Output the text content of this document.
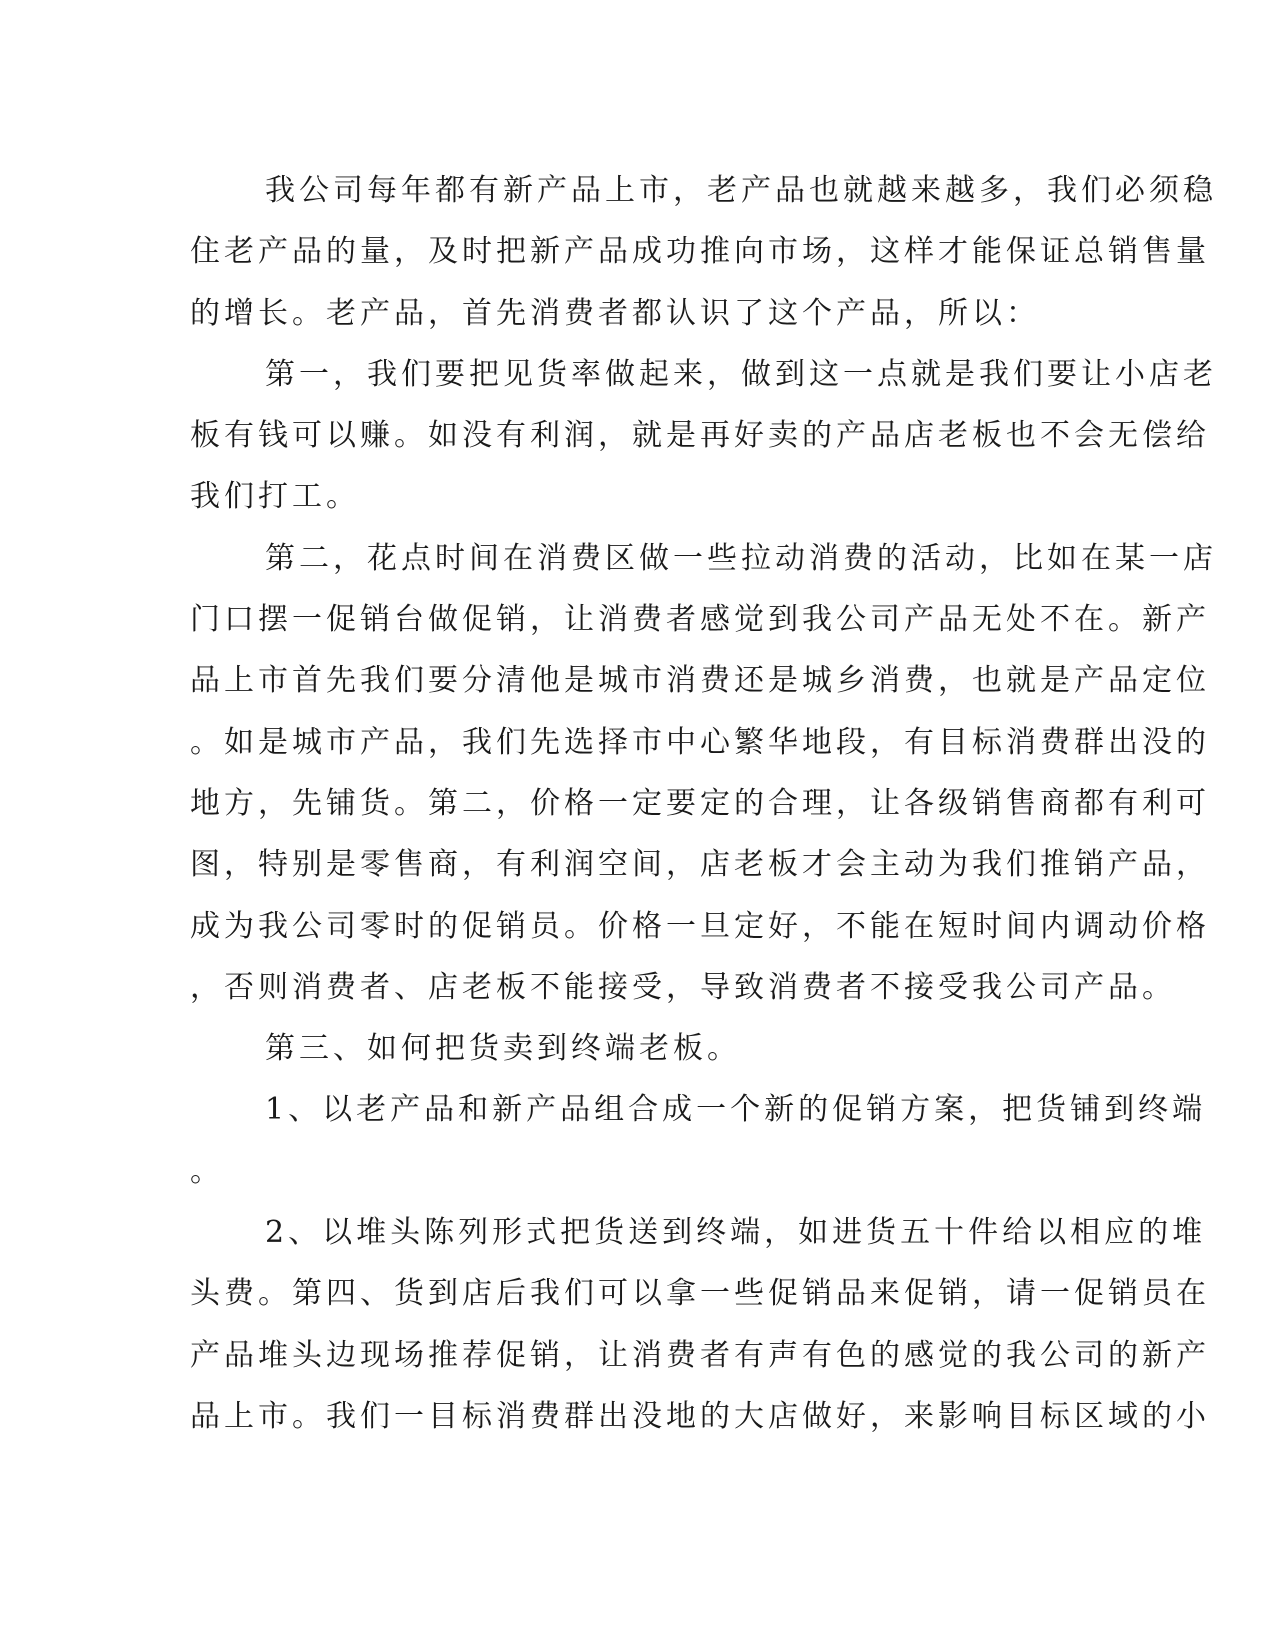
我公司每年都有新产品上市，老产品也就越来越多，我们必须稳
住老产品的量，及时把新产品成功推向市场，这样才能保证总销售量
的增长。老产品，首先消费者都认识了这个产品，所以：
第一，我们要把见货率做起来，做到这一点就是我们要让小店老
板有钱可以赚。如没有利润，就是再好卖的产品店老板也不会无偿给
我们打工。
第二，花点时间在消费区做一些拉动消费的活动，比如在某一店
门口摆一促销台做促销，让消费者感觉到我公司产品无处不在。新产
品上市首先我们要分清他是城市消费还是城乡消费，也就是产品定位
。如是城市产品，我们先选择市中心繁华地段，有目标消费群出没的
地方，先铺货。第二，价格一定要定的合理，让各级销售商都有利可
图，特别是零售商，有利润空间，店老板才会主动为我们推销产品，
成为我公司零时的促销员。价格一旦定好，不能在短时间内调动价格
，否则消费者、店老板不能接受，导致消费者不接受我公司产品。
第三、如何把货卖到终端老板。
1、以老产品和新产品组合成一个新的促销方案，把货铺到终端
。
2、以堆头陈列形式把货送到终端，如进货五十件给以相应的堆
头费。第四、货到店后我们可以拿一些促销品来促销，请一促销员在
产品堆头边现场推荐促销，让消费者有声有色的感觉的我公司的新产
品上市。我们一目标消费群出没地的大店做好，来影响目标区域的小
